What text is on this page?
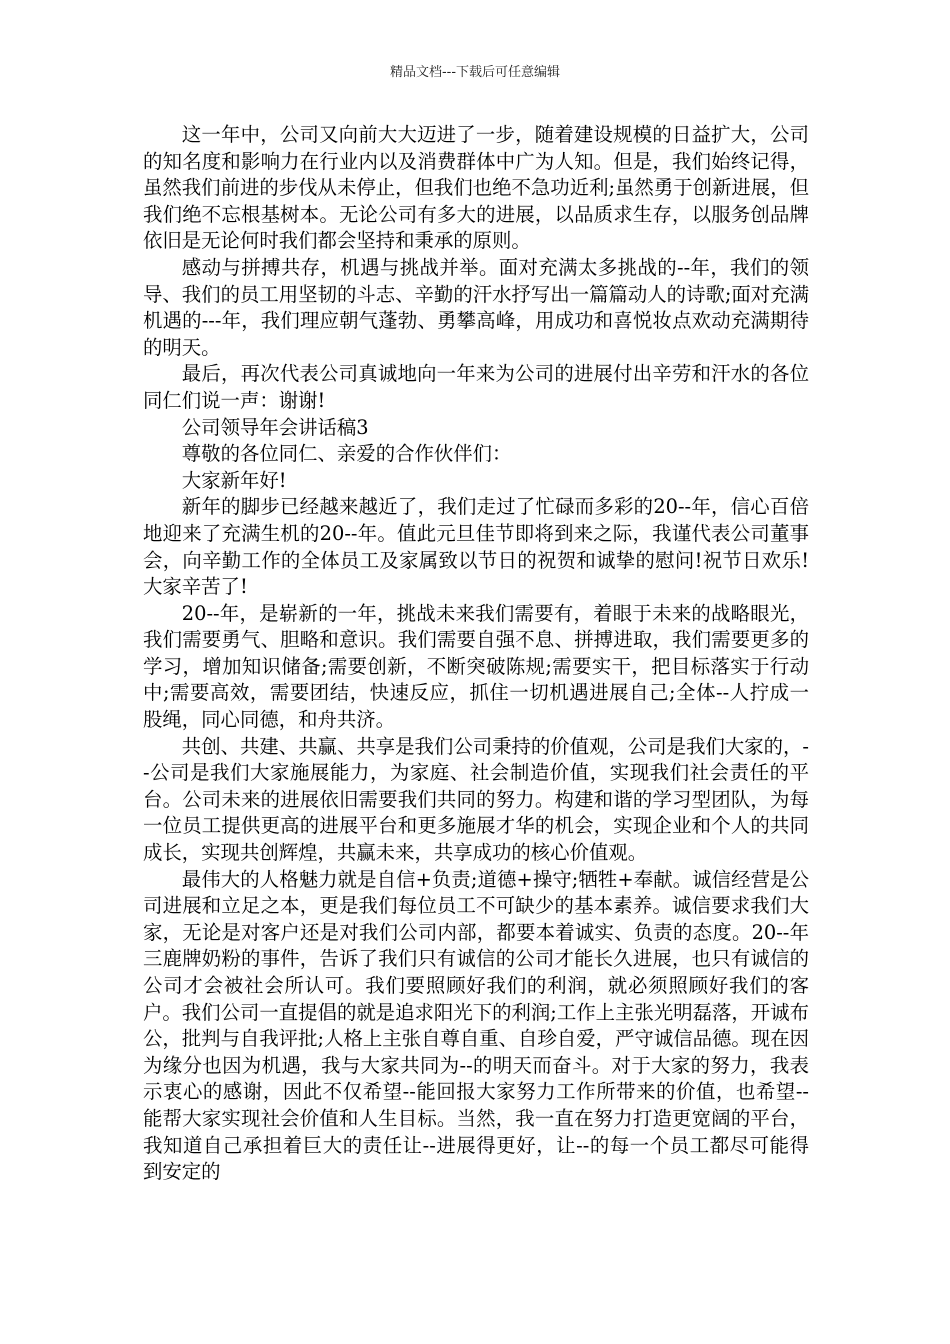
精品文档---下载后可任意编辑

这一年中，公司又向前大大迈进了一步，随着建设规模的日益扩大，公司的知名度和影响力在行业内以及消费群体中广为人知。但是，我们始终记得，虽然我们前进的步伐从未停止，但我们也绝不急功近利;虽然勇于创新进展，但我们绝不忘根基树本。无论公司有多大的进展，以品质求生存，以服务创品牌依旧是无论何时我们都会坚持和秉承的原则。

感动与拼搏共存，机遇与挑战并举。面对充满太多挑战的--年，我们的领导、我们的员工用坚韧的斗志、辛勤的汗水抒写出一篇篇动人的诗歌;面对充满机遇的---年，我们理应朝气蓬勃、勇攀高峰，用成功和喜悦妆点欢动充满期待的明天。

最后，再次代表公司真诚地向一年来为公司的进展付出辛劳和汗水的各位同仁们说一声：谢谢!

公司领导年会讲话稿3

尊敬的各位同仁、亲爱的合作伙伴们：

大家新年好!

新年的脚步已经越来越近了，我们走过了忙碌而多彩的20--年，信心百倍地迎来了充满生机的20--年。值此元旦佳节即将到来之际，我谨代表公司董事会，向辛勤工作的全体员工及家属致以节日的祝贺和诚挚的慰问!祝节日欢乐!大家辛苦了!

20--年，是崭新的一年，挑战未来我们需要有，着眼于未来的战略眼光，我们需要勇气、胆略和意识。我们需要自强不息、拼搏进取，我们需要更多的学习，增加知识储备;需要创新，不断突破陈规;需要实干，把目标落实于行动中;需要高效，需要团结，快速反应，抓住一切机遇进展自己;全体--人拧成一股绳，同心同德，和舟共济。

共创、共建、共赢、共享是我们公司秉持的价值观，公司是我们大家的，--公司是我们大家施展能力，为家庭、社会制造价值，实现我们社会责任的平台。公司未来的进展依旧需要我们共同的努力。构建和谐的学习型团队，为每一位员工提供更高的进展平台和更多施展才华的机会，实现企业和个人的共同成长，实现共创辉煌，共赢未来，共享成功的核心价值观。

最伟大的人格魅力就是自信+负责;道德+操守;牺牲+奉献。诚信经营是公司进展和立足之本，更是我们每位员工不可缺少的基本素养。诚信要求我们大家，无论是对客户还是对我们公司内部，都要本着诚实、负责的态度。20--年三鹿牌奶粉的事件，告诉了我们只有诚信的公司才能长久进展，也只有诚信的公司才会被社会所认可。我们要照顾好我们的利润，就必须照顾好我们的客户。我们公司一直提倡的就是追求阳光下的利润;工作上主张光明磊落，开诚布公，批判与自我评批;人格上主张自尊自重、自珍自爱，严守诚信品德。现在因为缘分也因为机遇，我与大家共同为--的明天而奋斗。对于大家的努力，我表示衷心的感谢，因此不仅希望--能回报大家努力工作所带来的价值，也希望--能帮大家实现社会价值和人生目标。当然，我一直在努力打造更宽阔的平台，我知道自己承担着巨大的责任让--进展得更好，让--的每一个员工都尽可能得到安定的
